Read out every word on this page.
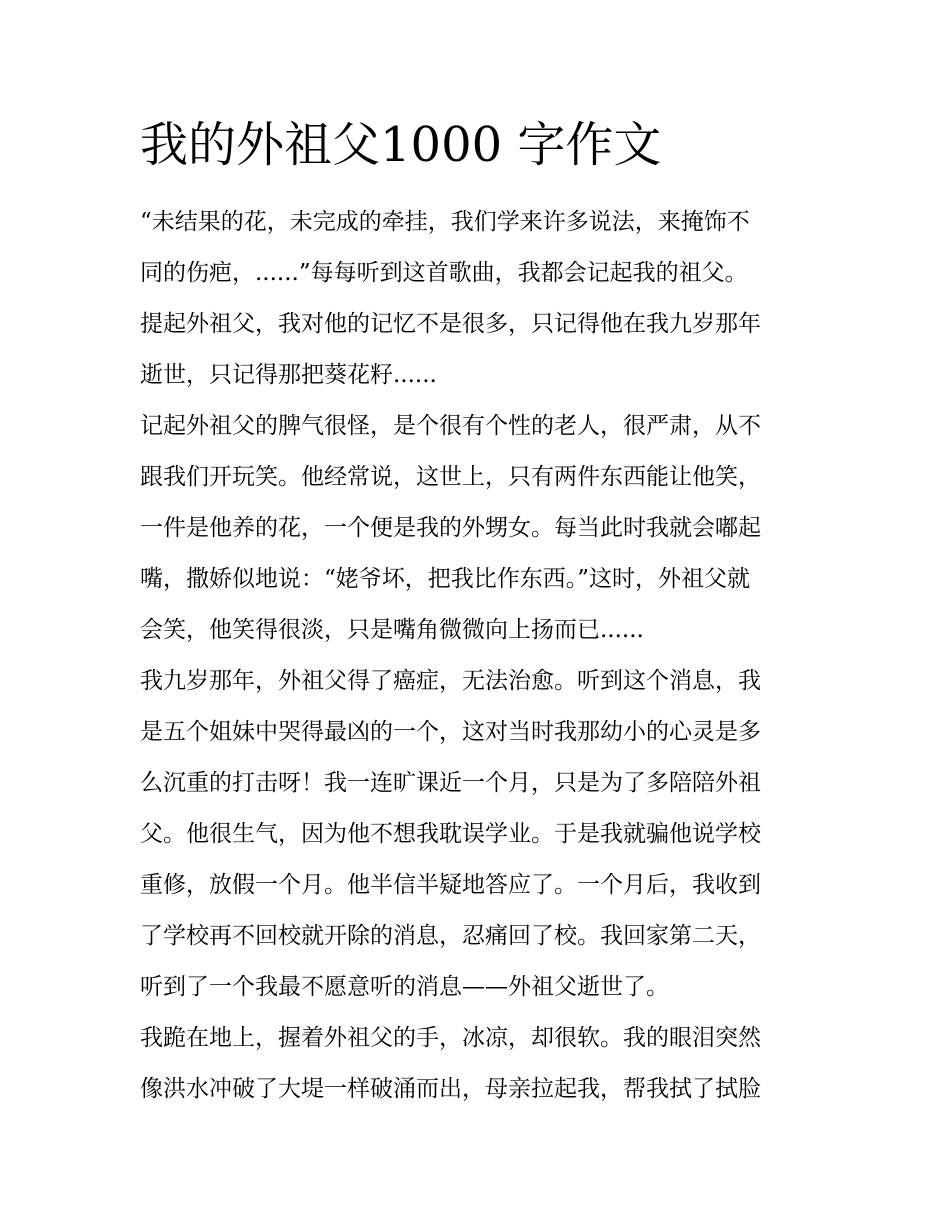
我的外祖父1000 字作文

“未结果的花，未完成的牵挂，我们学来许多说法，来掩饰不

同的伤疤，......”每每听到这首歌曲，我都会记起我的祖父。

提起外祖父，我对他的记忆不是很多，只记得他在我九岁那年

逝世，只记得那把葵花籽......

记起外祖父的脾气很怪，是个很有个性的老人，很严肃，从不

跟我们开玩笑。他经常说，这世上，只有两件东西能让他笑，

一件是他养的花，一个便是我的外甥女。每当此时我就会嘟起

嘴，撒娇似地说：“姥爷坏，把我比作东西。”这时，外祖父就

会笑，他笑得很淡，只是嘴角微微向上扬而已......

我九岁那年，外祖父得了癌症，无法治愈。听到这个消息，我

是五个姐妹中哭得最凶的一个，这对当时我那幼小的心灵是多

么沉重的打击呀！我一连旷课近一个月，只是为了多陪陪外祖

父。他很生气，因为他不想我耽误学业。于是我就骗他说学校

重修，放假一个月。他半信半疑地答应了。一个月后，我收到

了学校再不回校就开除的消息，忍痛回了校。我回家第二天，

听到了一个我最不愿意听的消息——外祖父逝世了。

我跪在地上，握着外祖父的手，冰凉，却很软。我的眼泪突然

像洪水冲破了大堤一样破涌而出，母亲拉起我，帮我拭了拭脸
